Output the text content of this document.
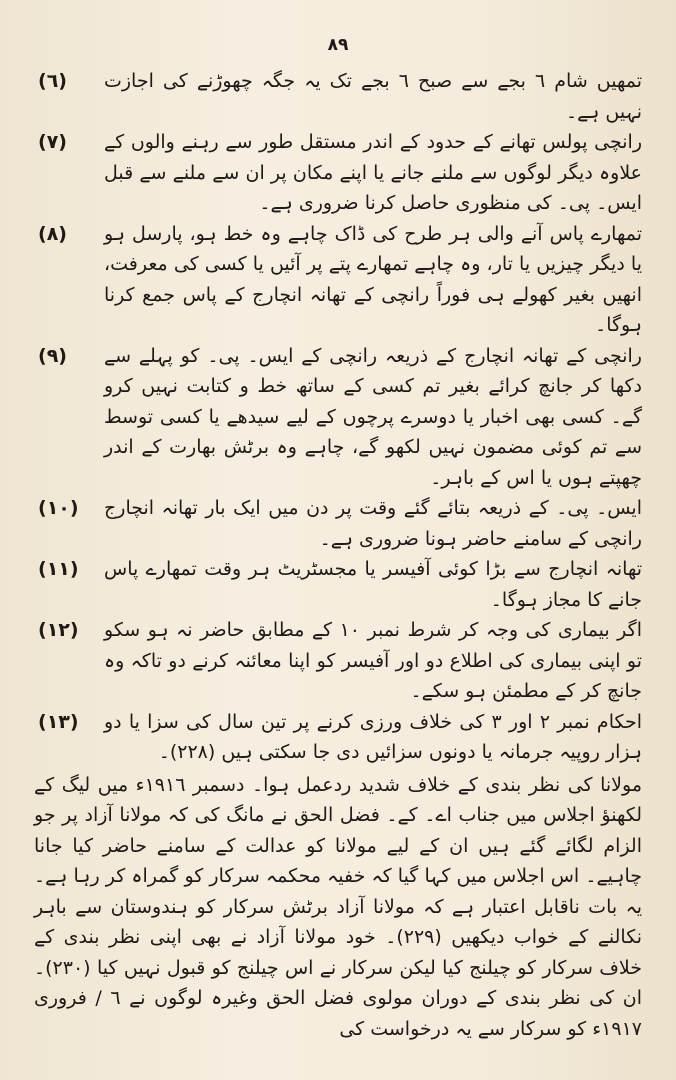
۸۹

تمھیں شام ٦ بجے سے صبح ٦ بجے تک یہ جگہ چھوڑنے کی اجازت نہیں ہے۔

(٦)

رانچی پولس تھانے کے حدود کے اندر مستقل طور سے رہنے والوں کے علاوہ دیگر لوگوں سے ملنے جانے یا اپنے مکان پر ان سے ملنے سے قبل ایس۔ پی۔ کی منظوری حاصل کرنا ضروری ہے۔

(٧)

تمھارے پاس آنے والی ہر طرح کی ڈاک چاہے وہ خط ہو، پارسل ہو یا دیگر چیزیں یا تار، وہ چاہے تمھارے پتے پر آئیں یا کسی کی معرفت، انھیں بغیر کھولے ہی فوراً رانچی کے تھانہ انچارج کے پاس جمع کرنا ہوگا۔

(٨)

رانچی کے تھانہ انچارج کے ذریعہ رانچی کے ایس۔ پی۔ کو پہلے سے دکھا کر جانچ کرائے بغیر تم کسی کے ساتھ خط و کتابت نہیں کرو گے۔ کسی بھی اخبار یا دوسرے پرچوں کے لیے سیدھے یا کسی توسط سے تم کوئی مضمون نہیں لکھو گے، چاہے وہ برٹش بھارت کے اندر چھپتے ہوں یا اس کے باہر۔

(٩)

ایس۔ پی۔ کے ذریعہ بتائے گئے وقت پر دن میں ایک بار تھانہ انچارج رانچی کے سامنے حاضر ہونا ضروری ہے۔

(١٠)

تھانہ انچارج سے بڑا کوئی آفیسر یا مجسٹریٹ ہر وقت تمھارے پاس جانے کا مجاز ہوگا۔

(١١)

اگر بیماری کی وجہ کر شرط نمبر ١٠ کے مطابق حاضر نہ ہو سکو تو اپنی بیماری کی اطلاع دو اور آفیسر کو اپنا معائنہ کرنے دو تاکہ وہ جانچ کر کے مطمئن ہو سکے۔

(١٢)

احکام نمبر ٢ اور ٣ کی خلاف ورزی کرنے پر تین سال کی سزا یا دو ہزار روپیہ جرمانہ یا دونوں سزائیں دی جا سکتی ہیں (٢٢٨)۔

(١٣)

مولانا کی نظر بندی کے خلاف شدید ردعمل ہوا۔ دسمبر ١٩١٦ء میں لیگ کے لکھنؤ اجلاس میں جناب اے۔ کے۔ فضل الحق نے مانگ کی کہ مولانا آزاد پر جو الزام لگائے گئے ہیں ان کے لیے مولانا کو عدالت کے سامنے حاضر کیا جانا چاہیے۔ اس اجلاس میں کہا گیا کہ خفیہ محکمہ سرکار کو گمراہ کر رہا ہے۔ یہ بات ناقابل اعتبار ہے کہ مولانا آزاد برٹش سرکار کو ہندوستان سے باہر نکالنے کے خواب دیکھیں (٢٢٩)۔ خود مولانا آزاد نے بھی اپنی نظر بندی کے خلاف سرکار کو چیلنج کیا لیکن سرکار نے اس چیلنج کو قبول نہیں کیا (٢٣٠)۔ ان کی نظر بندی کے دوران مولوی فضل الحق وغیرہ لوگوں نے ٦ / فروری ١٩١٧ء کو سرکار سے یہ درخواست کی
